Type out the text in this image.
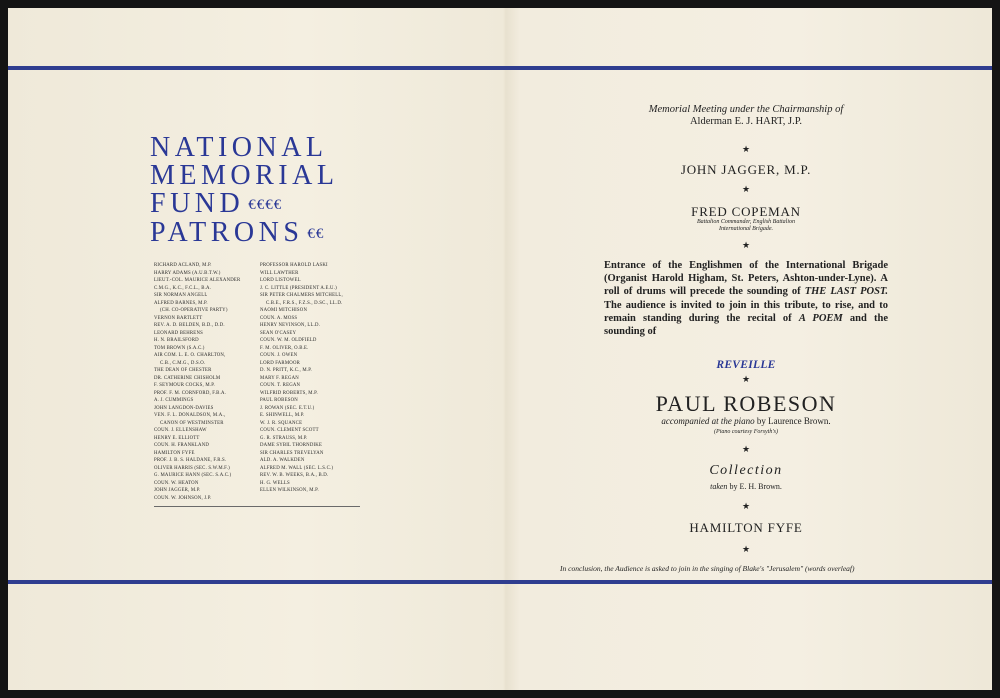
NATIONAL
MEMORIAL
FUND €€€€
PATRONS €€
RICHARD ACLAND, M.P.
HARRY ADAMS (A.U.B.T.W.)
LIEUT.-COL. MAURICE ALEXANDER
C.M.G., K.C., F.C.L., B.A.
SIR NORMAN ANGELL
ALFRED BARNES, M.P.
(CH. CO-OPERATIVE PARTY)
VERNON BARTLETT
REV. A. D. BELDEN, B.D., D.D.
LEONARD BEHRENS
H. N. BRAILSFORD
TOM BROWN (S.A.C.)
AIR COM. L. E. O. CHARLTON,
C.B., C.M.G., D.S.O.
THE DEAN OF CHESTER
DR. CATHERINE CHISHOLM
F. SEYMOUR COCKS, M.P.
PROF. F. M. CORNFORD, F.B.A.
A. J. CUMMINGS
JOHN LANGDON-DAVIES
VEN. F. L. DONALDSON, M.A.,
CANON OF WESTMINSTER
COUN. J. ELLENSHAW
HENRY E. ELLIOTT
COUN. H. FRANKLAND
HAMILTON FYFE
PROF. J. B. S. HALDANE, F.R.S.
OLIVER HARRIS (SEC. S.W.M.F.)
G. MAURICE HANN (SEC. S.A.C.)
COUN. W. HEATON
JOHN JAGGER, M.P.
COUN. W. JOHNSON, J.P.
PROFESSOR HAROLD LASKI
WILL LAWTHER
LORD LISTOWEL
J. C. LITTLE (PRESIDENT A.E.U.)
SIR PETER CHALMERS MITCHELL,
C.B.E., F.R.S., F.Z.S., D.SC., LL.D.
NAOMI MITCHISON
COUN. A. MOSS
HENRY NEVINSON, LL.D.
SEAN O'CASEY
COUN. W. M. OLDFIELD
F. M. OLIVER, O.B.E.
COUN. J. OWEN
LORD FARMOOR
D. N. PRITT, K.C., M.P.
MARY F. REGAN
COUN. T. REGAN
WILFRID ROBERTS, M.P.
PAUL ROBESON
J. ROWAN (SEC. E.T.U.)
E. SHINWELL, M.P.
W. J. R. SQUANCE
COUN. CLEMENT SCOTT
G. R. STRAUSS, M.P.
DAME SYBIL THORNDIKE
SIR CHARLES TREVELYAN
ALD. A. WALKDEN
ALFRED M. WALL (SEC. L.S.C.)
REV. W. B. WEEKS, B.A., B.D.
H. G. WELLS
ELLEN WILKINSON, M.P.
Memorial Meeting under the Chairmanship of
Alderman E. J. HART, J.P.
★
JOHN JAGGER, M.P.
★
FRED COPEMAN
Battalion Commander, English Battalion
International Brigade.
★
Entrance of the Englishmen of the International Brigade (Organist Harold Higham, St. Peters, Ashton-under-Lyne). A roll of drums will precede the sounding of THE LAST POST. The audience is invited to join in this tribute, to rise, and to remain standing during the recital of A POEM and the sounding of
REVEILLE
★
PAUL ROBESON
accompanied at the piano by Laurence Brown.
(Piano courtesy Forsyth's)
★
Collection
taken by E. H. Brown.
★
HAMILTON FYFE
★
In conclusion, the Audience is asked to join in the singing of Blake's "Jerusalem" (words overleaf)
